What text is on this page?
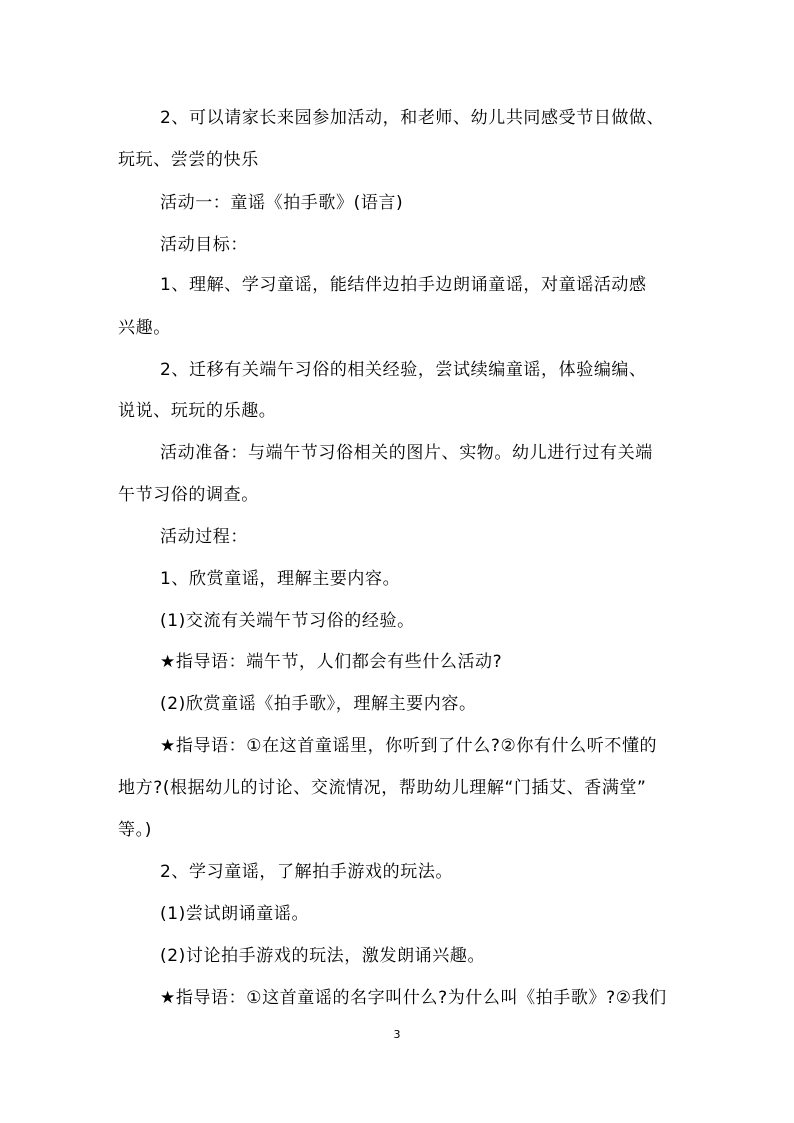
2、可以请家长来园参加活动，和老师、幼儿共同感受节日做做、
玩玩、尝尝的快乐
活动一：童谣《拍手歌》(语言)
活动目标：
1、理解、学习童谣，能结伴边拍手边朗诵童谣，对童谣活动感
兴趣。
2、迁移有关端午习俗的相关经验，尝试续编童谣，体验编编、
说说、玩玩的乐趣。
活动准备：与端午节习俗相关的图片、实物。幼儿进行过有关端
午节习俗的调查。
活动过程：
1、欣赏童谣，理解主要内容。
(1)交流有关端午节习俗的经验。
★指导语：端午节，人们都会有些什么活动?
(2)欣赏童谣《拍手歌》，理解主要内容。
★指导语：①在这首童谣里，你听到了什么?②你有什么听不懂的
地方?(根据幼儿的讨论、交流情况，帮助幼儿理解“门插艾、香满堂”
等。)
2、学习童谣，了解拍手游戏的玩法。
(1)尝试朗诵童谣。
(2)讨论拍手游戏的玩法，激发朗诵兴趣。
★指导语：①这首童谣的名字叫什么?为什么叫《拍手歌》?②我们
3
